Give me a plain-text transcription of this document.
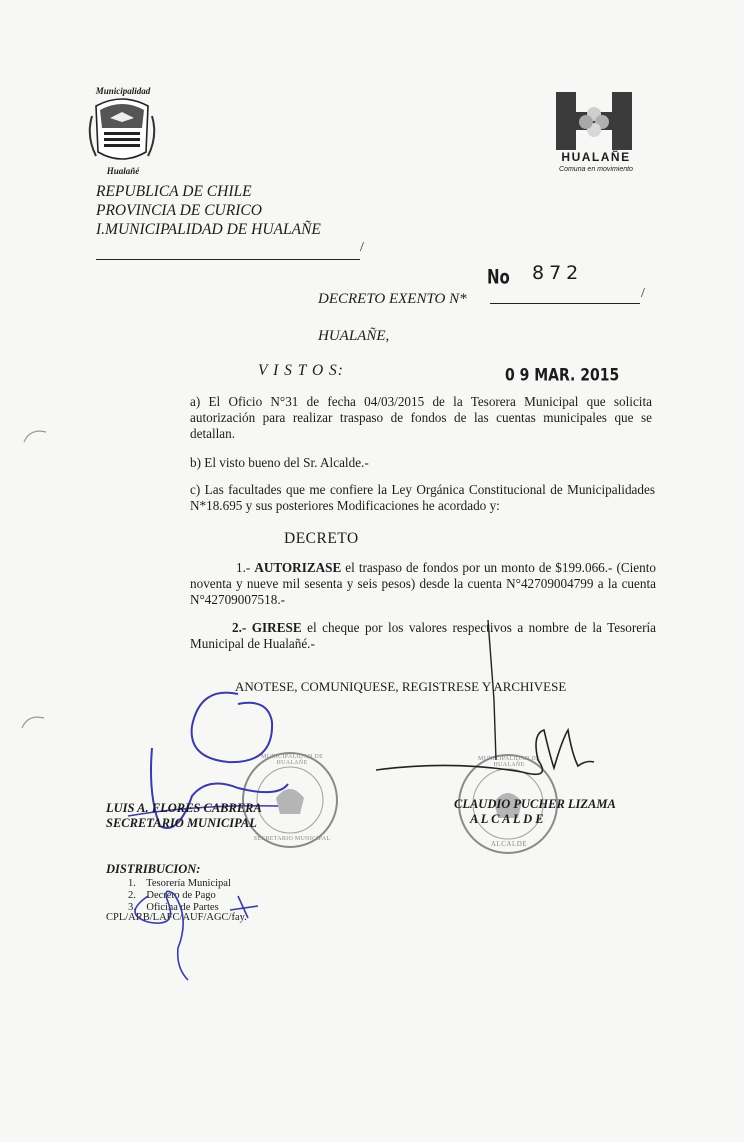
Municipalidad
Hualañé
HUALAÑE
Comuna en movimiento
REPUBLICA DE CHILE
PROVINCIA DE CURICO
I.MUNICIPALIDAD DE HUALAÑE
/
No 872
DECRETO EXENTO N*	/
HUALAÑE,
V I S T O S:	0 9 MAR. 2015
a) El Oficio N°31 de fecha 04/03/2015 de la Tesorera Municipal que solicita autorización para realizar traspaso de fondos de las cuentas municipales que se detallan.
b) El visto bueno del Sr. Alcalde.-
c) Las facultades que me confiere la Ley Orgánica Constitucional de Municipalidades N*18.695 y sus posteriores Modificaciones he acordado y:
DECRETO
1.- AUTORIZASE el traspaso de fondos por un monto de $199.066.- (Ciento noventa y nueve mil sesenta y seis pesos) desde la cuenta N°42709004799 a la cuenta N°42709007518.-
2.- GIRESE el cheque por los valores respectivos a nombre de la Tesorería Municipal de Hualañé.-
ANOTESE, COMUNIQUESE, REGISTRESE Y ARCHIVESE
MUNICIPALIDAD DE HUALAÑE
SECRETARIO MUNICIPAL
MUNICIPALIDAD DE HUALAÑE
ALCALDE
LUIS A. FLORES CABRERA
SECRETARIO MUNICIPAL
CLAUDIO PUCHER LIZAMA
A L C A L D E
DISTRIBUCION:
1.    Tesorería Municipal
2.    Decreto de Pago
3.    Oficina de Partes
CPL/ARB/LAFC/AUF/AGC/fay.
